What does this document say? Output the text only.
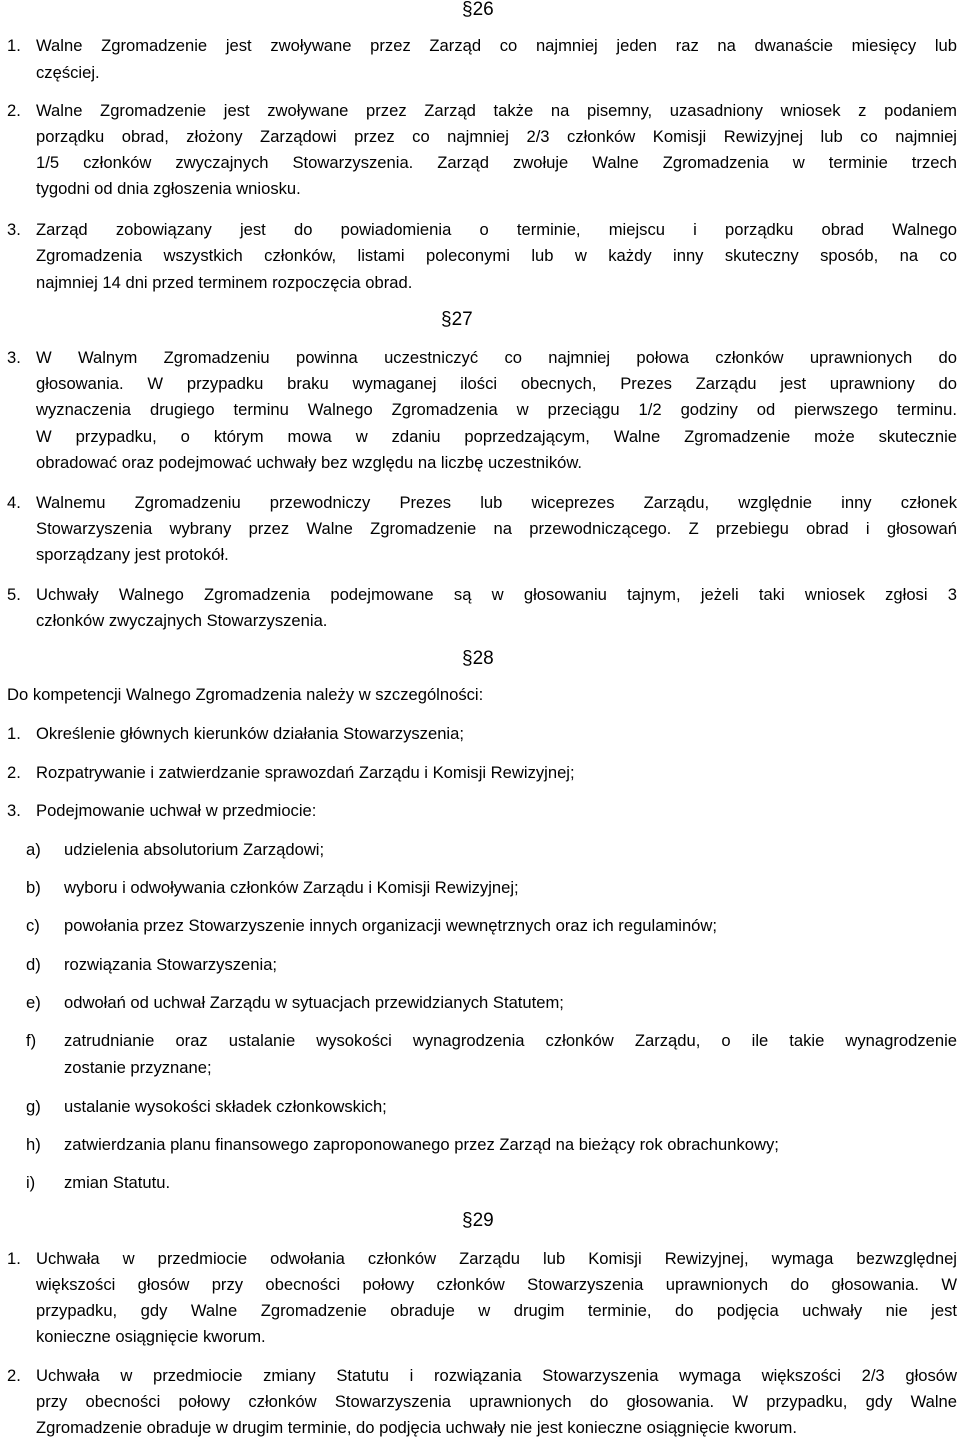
§26
1. Walne Zgromadzenie jest zwoływane przez Zarząd co najmniej jeden raz na dwanaście miesięcy lub
częściej.
2. Walne Zgromadzenie jest zwoływane przez Zarząd także na pisemny, uzasadniony wniosek z podaniem
porządku obrad, złożony Zarządowi przez co najmniej 2/3 członków Komisji Rewizyjnej lub co najmniej
1/5 członków zwyczajnych Stowarzyszenia. Zarząd zwołuje Walne Zgromadzenia w terminie trzech
tygodni od dnia zgłoszenia wniosku.
3. Zarząd zobowiązany jest do powiadomienia o terminie, miejscu i porządku obrad Walnego
Zgromadzenia wszystkich członków, listami poleconymi lub w każdy inny skuteczny sposób, na co
najmniej 14 dni przed terminem rozpoczęcia obrad.
§27
3. W Walnym Zgromadzeniu powinna uczestniczyć co najmniej połowa członków uprawnionych do
głosowania. W przypadku braku wymaganej ilości obecnych, Prezes Zarządu jest uprawniony do
wyznaczenia drugiego terminu Walnego Zgromadzenia w przeciągu 1/2 godziny od pierwszego terminu.
W przypadku, o którym mowa w zdaniu poprzedzającym, Walne Zgromadzenie może skutecznie
obradować oraz podejmować uchwały bez względu na liczbę uczestników.
4. Walnemu Zgromadzeniu przewodniczy Prezes lub wiceprezes Zarządu, względnie inny członek
Stowarzyszenia wybrany przez Walne Zgromadzenie na przewodniczącego. Z przebiegu obrad i głosowań
sporządzany jest protokół.
5. Uchwały Walnego Zgromadzenia podejmowane są w głosowaniu tajnym, jeżeli taki wniosek zgłosi 3
członków zwyczajnych Stowarzyszenia.
§28
Do kompetencji Walnego Zgromadzenia należy w szczególności:
1. Określenie głównych kierunków działania Stowarzyszenia;
2. Rozpatrywanie i zatwierdzanie sprawozdań Zarządu i Komisji Rewizyjnej;
3. Podejmowanie uchwał w przedmiocie:
a) udzielenia absolutorium Zarządowi;
b) wyboru i odwoływania członków Zarządu i Komisji Rewizyjnej;
c) powołania przez Stowarzyszenie innych organizacji wewnętrznych oraz ich regulaminów;
d) rozwiązania Stowarzyszenia;
e) odwołań od uchwał Zarządu w sytuacjach przewidzianych Statutem;
f) zatrudnianie oraz ustalanie wysokości wynagrodzenia członków Zarządu, o ile takie wynagrodzenie
zostanie przyznane;
g) ustalanie wysokości składek członkowskich;
h) zatwierdzania planu finansowego zaproponowanego przez Zarząd na bieżący rok obrachunkowy;
i) zmian Statutu.
§29
1. Uchwała w przedmiocie odwołania członków Zarządu lub Komisji Rewizyjnej, wymaga bezwzględnej
większości głosów przy obecności połowy członków Stowarzyszenia uprawnionych do głosowania. W
przypadku, gdy Walne Zgromadzenie obraduje w drugim terminie, do podjęcia uchwały nie jest
konieczne osiągnięcie kworum.
2. Uchwała w przedmiocie zmiany Statutu i rozwiązania Stowarzyszenia wymaga większości 2/3 głosów
przy obecności połowy członków Stowarzyszenia uprawnionych do głosowania. W przypadku, gdy Walne
Zgromadzenie obraduje w drugim terminie, do podjęcia uchwały nie jest konieczne osiągnięcie kworum.
